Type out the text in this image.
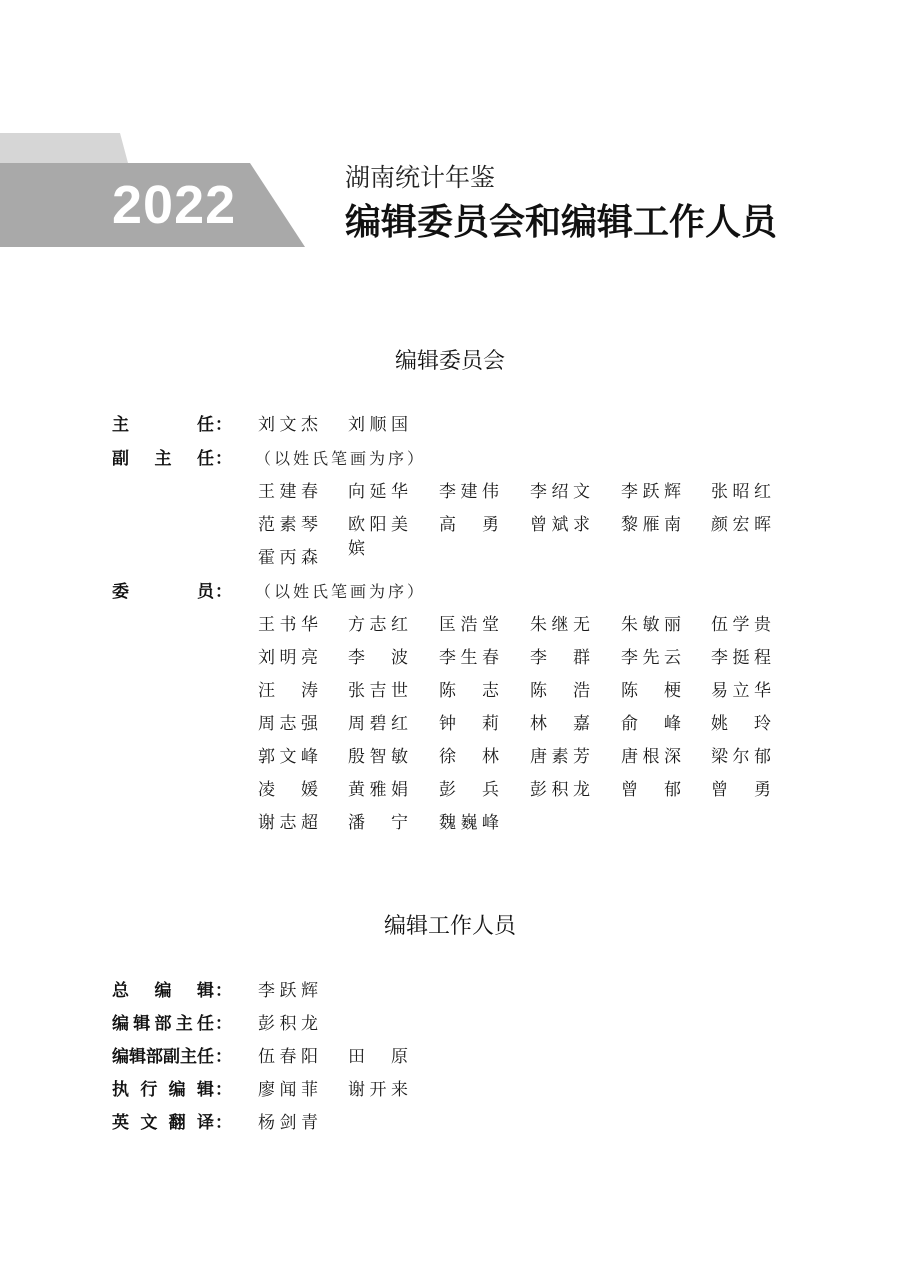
2022	湖南统计年鉴
编辑委员会和编辑工作人员
编辑委员会
主　　任 ： 刘文杰 刘顺国
副 主 任 ： （以姓氏笔画为序）
王建春 向延华 李建伟 李绍文 李跃辉 张昭红
范素琴 欧阳美嫔
高　勇 曾斌求 黎雁南 颜宏晖
霍丙森
委　　员 ： （以姓氏笔画为序）
王书华 方志红 匡浩堂 朱继无 朱敏丽 伍学贵
刘明亮 李　波 李生春 李　群 李先云 李挺程
汪　涛 张吉世 陈　志 陈　浩 陈　梗 易立华
周志强 周碧红 钟　莉 林　嘉 俞　峰 姚　玲
郭文峰 殷智敏 徐　林 唐素芳 唐根深 梁尔郁
凌　媛 黄雅娟 彭　兵 彭积龙 曾　郁 曾　勇
谢志超 潘　宁 魏巍峰
编辑工作人员
总 编 辑 ： 李跃辉
编辑部主任 ： 彭积龙
编辑部副主任 ： 伍春阳 田　原
执行编辑 ： 廖闻菲 谢开来
英文翻译 ： 杨剑青
